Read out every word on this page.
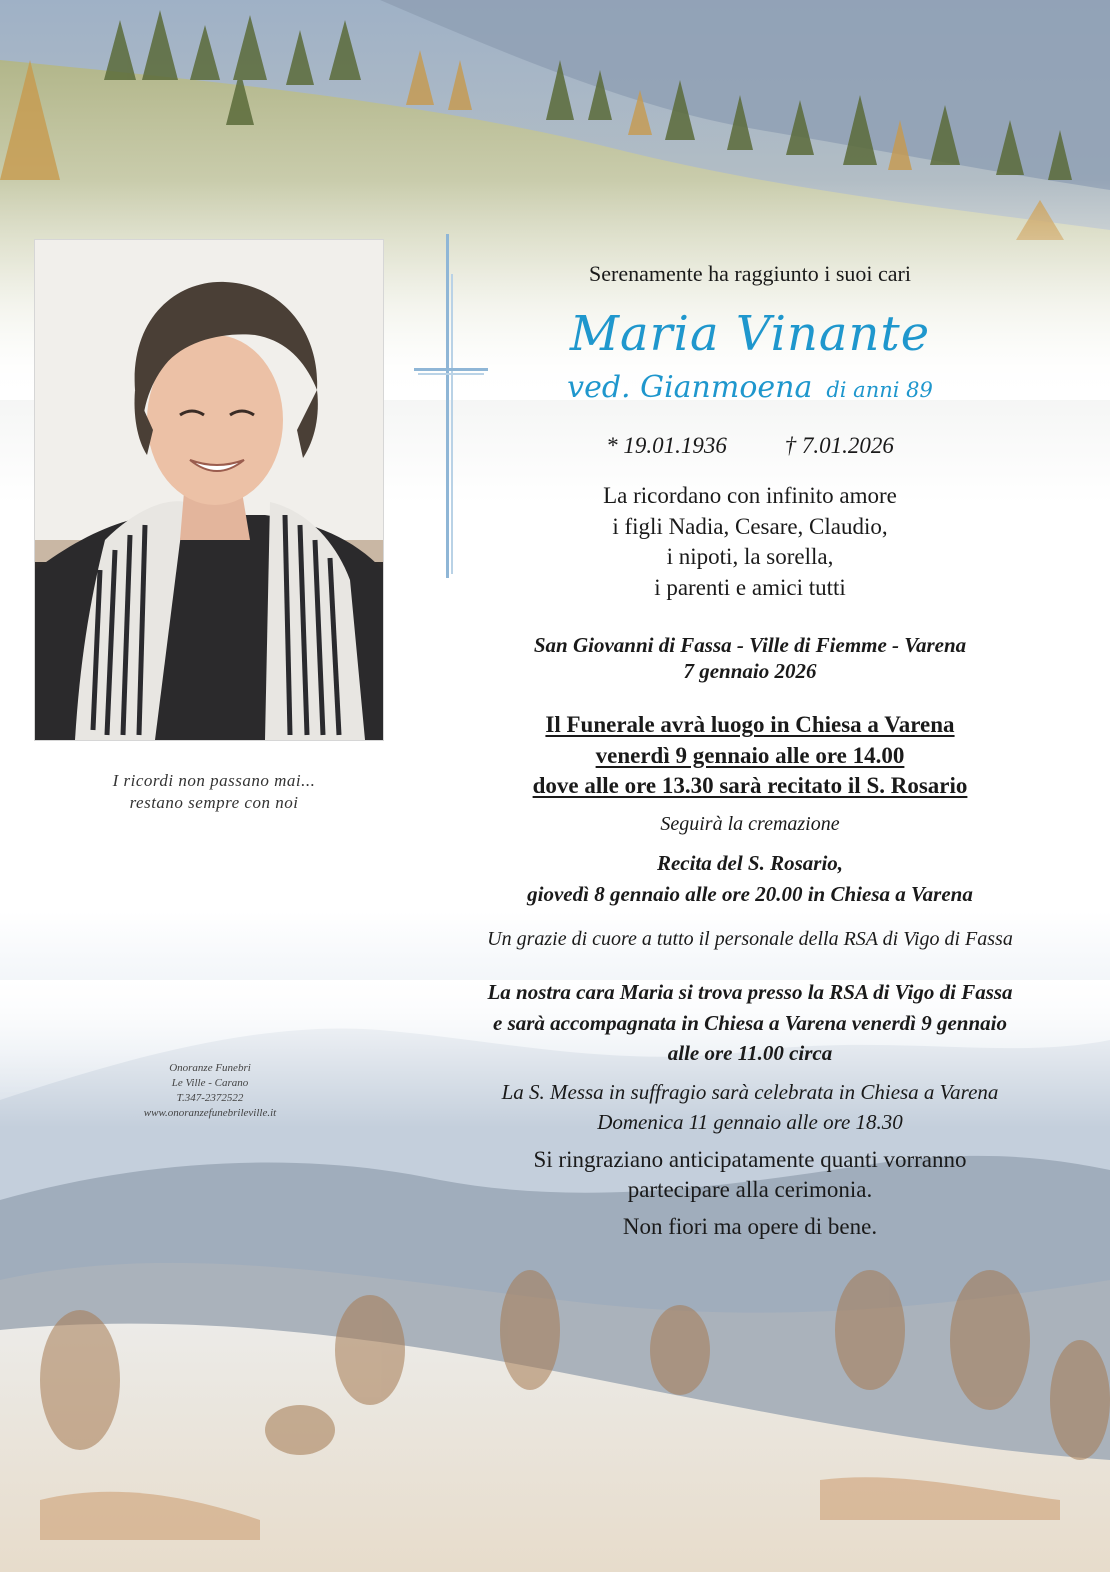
I ricordi non passano mai...
restano sempre con noi
Onoranze Funebri
Le Ville - Carano
T.347-2372522
www.onoranzefunebrileville.it
Serenamente ha raggiunto i suoi cari
Maria Vinante
ved. Gianmoena di anni 89
* 19.01.1936	† 7.01.2026
La ricordano con infinito amore
i figli Nadia, Cesare, Claudio,
i nipoti, la sorella,
i parenti e amici tutti
San Giovanni di Fassa - Ville di Fiemme - Varena
7 gennaio 2026
Il Funerale avrà luogo in Chiesa a Varena
venerdì 9 gennaio alle ore 14.00
dove alle ore 13.30 sarà recitato il S. Rosario
Seguirà la cremazione
Recita del S. Rosario,
giovedì 8 gennaio alle ore 20.00 in Chiesa a Varena
Un grazie di cuore a tutto il personale della RSA di Vigo di Fassa
La nostra cara Maria si trova presso la RSA di Vigo di Fassa
e sarà accompagnata in Chiesa a Varena venerdì 9 gennaio
alle ore 11.00 circa
La S. Messa in suffragio sarà celebrata in Chiesa a Varena
Domenica 11 gennaio alle ore 18.30
Si ringraziano anticipatamente quanti vorranno
partecipare alla cerimonia.
Non fiori ma opere di bene.
